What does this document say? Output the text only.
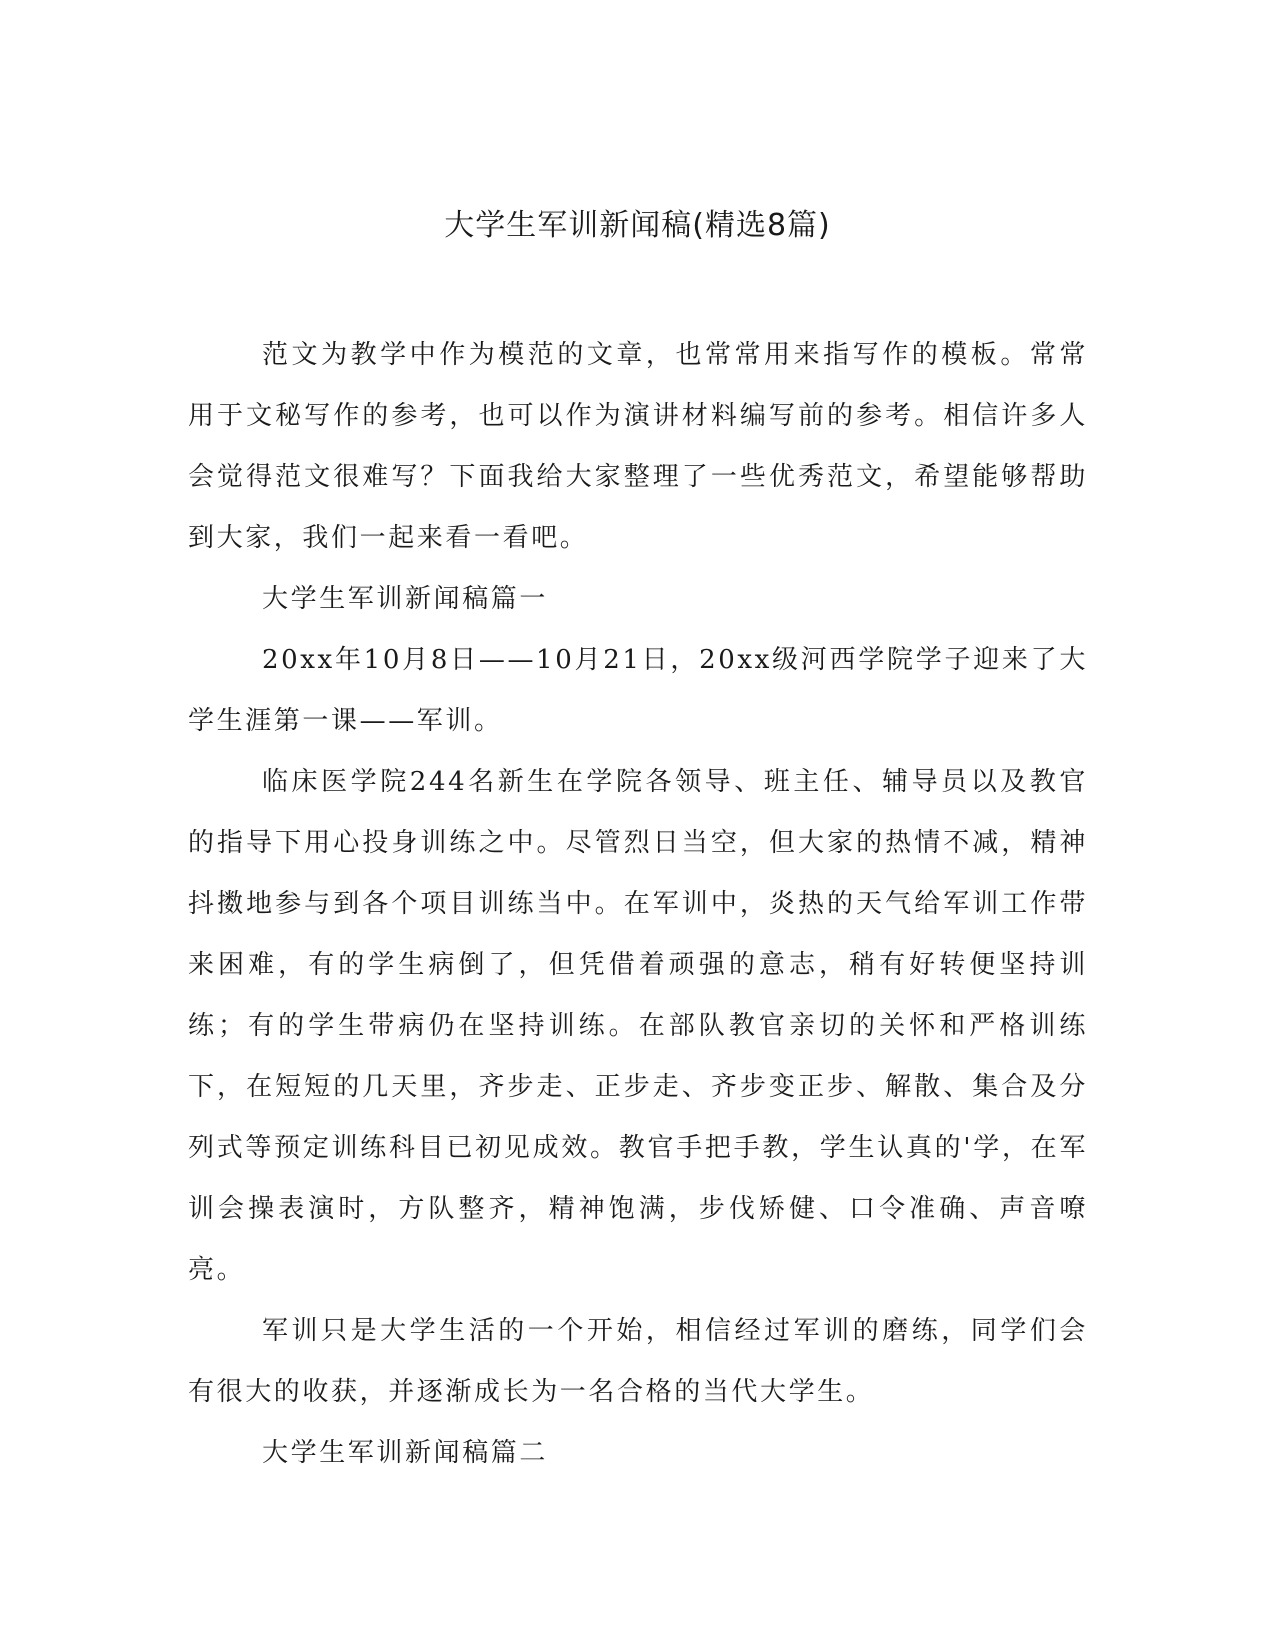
大学生军训新闻稿(精选8篇)

范文为教学中作为模范的文章，也常常用来指写作的模板。常常用于文秘写作的参考，也可以作为演讲材料编写前的参考。相信许多人会觉得范文很难写？下面我给大家整理了一些优秀范文，希望能够帮助到大家，我们一起来看一看吧。

大学生军训新闻稿篇一

20xx年10月8日——10月21日，20xx级河西学院学子迎来了大学生涯第一课——军训。

临床医学院244名新生在学院各领导、班主任、辅导员以及教官的指导下用心投身训练之中。尽管烈日当空，但大家的热情不减，精神抖擞地参与到各个项目训练当中。在军训中，炎热的天气给军训工作带来困难，有的学生病倒了，但凭借着顽强的意志，稍有好转便坚持训练；有的学生带病仍在坚持训练。在部队教官亲切的关怀和严格训练下，在短短的几天里，齐步走、正步走、齐步变正步、解散、集合及分列式等预定训练科目已初见成效。教官手把手教，学生认真的'学，在军训会操表演时，方队整齐，精神饱满，步伐矫健、口令准确、声音嘹亮。

军训只是大学生活的一个开始，相信经过军训的磨练，同学们会有很大的收获，并逐渐成长为一名合格的当代大学生。

大学生军训新闻稿篇二
